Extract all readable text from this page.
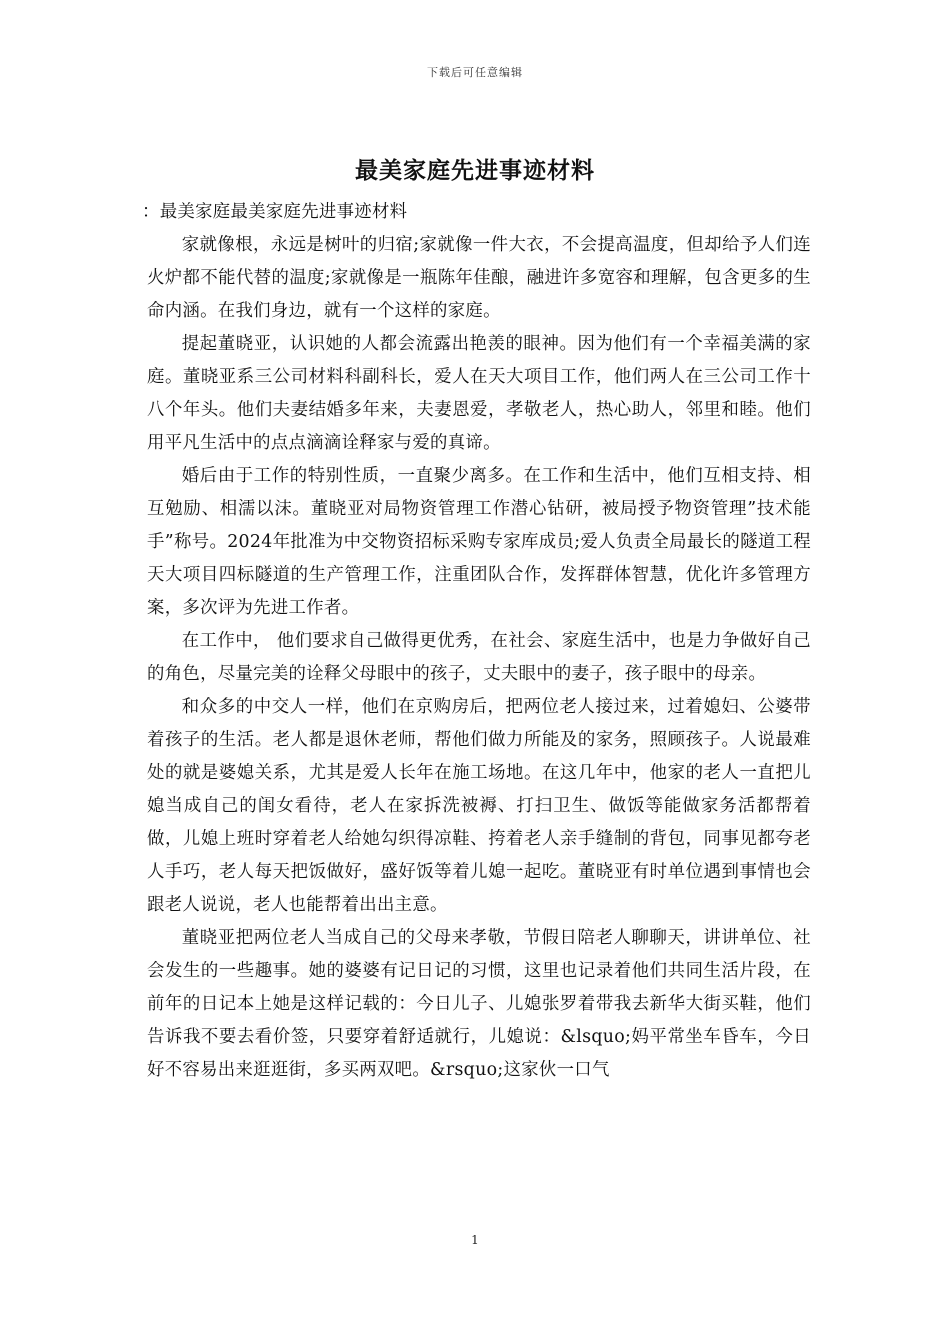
下载后可任意编辑
最美家庭先进事迹材料

：最美家庭最美家庭先进事迹材料

家就像根，永远是树叶的归宿;家就像一件大衣，不会提高温度，但却给予人们连火炉都不能代替的温度;家就像是一瓶陈年佳酿，融进许多宽容和理解，包含更多的生命内涵。在我们身边，就有一个这样的家庭。

提起董晓亚，认识她的人都会流露出艳羡的眼神。因为他们有一个幸福美满的家庭。董晓亚系三公司材料科副科长，爱人在天大项目工作，他们两人在三公司工作十八个年头。他们夫妻结婚多年来，夫妻恩爱，孝敬老人，热心助人，邻里和睦。他们用平凡生活中的点点滴滴诠释家与爱的真谛。

婚后由于工作的特别性质，一直聚少离多。在工作和生活中，他们互相支持、相互勉励、相濡以沫。董晓亚对局物资管理工作潜心钻研，被局授予物资管理”技术能手”称号。2024年批准为中交物资招标采购专家库成员;爱人负责全局最长的隧道工程天大项目四标隧道的生产管理工作，注重团队合作，发挥群体智慧，优化许多管理方案，多次评为先进工作者。

在工作中， 他们要求自己做得更优秀，在社会、家庭生活中，也是力争做好自己的角色，尽量完美的诠释父母眼中的孩子，丈夫眼中的妻子，孩子眼中的母亲。

和众多的中交人一样，他们在京购房后，把两位老人接过来，过着媳妇、公婆带着孩子的生活。老人都是退休老师，帮他们做力所能及的家务，照顾孩子。人说最难处的就是婆媳关系，尤其是爱人长年在施工场地。在这几年中，他家的老人一直把儿媳当成自己的闺女看待，老人在家拆洗被褥、打扫卫生、做饭等能做家务活都帮着做，儿媳上班时穿着老人给她勾织得凉鞋、挎着老人亲手缝制的背包，同事见都夸老人手巧，老人每天把饭做好，盛好饭等着儿媳一起吃。董晓亚有时单位遇到事情也会跟老人说说，老人也能帮着出出主意。

董晓亚把两位老人当成自己的父母来孝敬，节假日陪老人聊聊天，讲讲单位、社会发生的一些趣事。她的婆婆有记日记的习惯，这里也记录着他们共同生活片段，在前年的日记本上她是这样记载的：今日儿子、儿媳张罗着带我去新华大街买鞋，他们告诉我不要去看价签，只要穿着舒适就行，儿媳说：&lsquo;妈平常坐车昏车，今日好不容易出来逛逛街，多买两双吧。&rsquo;这家伙一口气

1
